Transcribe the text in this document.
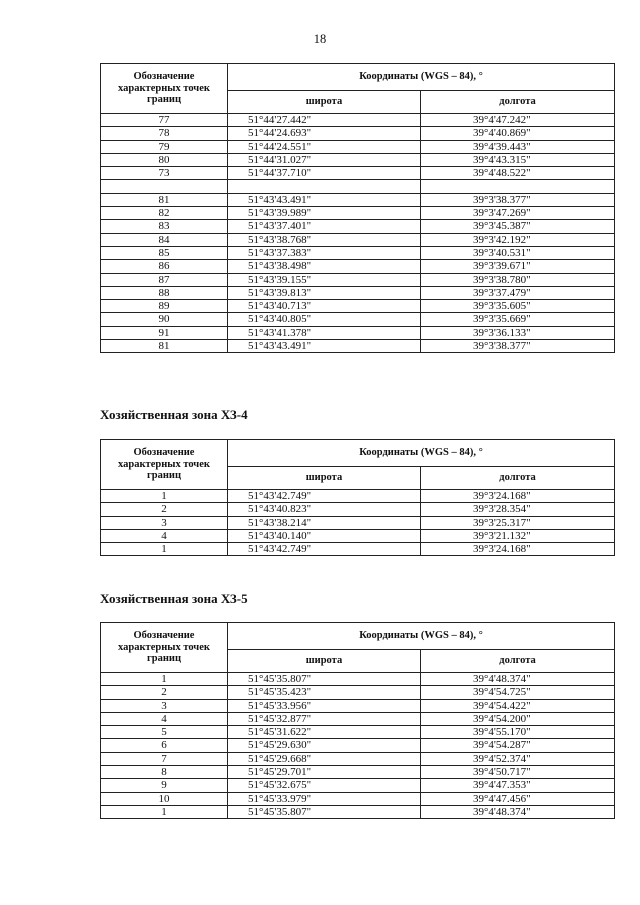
18
Обозначение характерных точек границ	Координаты (WGS – 84), °	
	широта	долгота
77	51°44'27.442"	39°4'47.242"
78	51°44'24.693"	39°4'40.869"
79	51°44'24.551"	39°4'39.443"
80	51°44'31.027"	39°4'43.315"
73	51°44'37.710"	39°4'48.522"

81	51°43'43.491"	39°3'38.377"
82	51°43'39.989"	39°3'47.269"
83	51°43'37.401"	39°3'45.387"
84	51°43'38.768"	39°3'42.192"
85	51°43'37.383"	39°3'40.531"
86	51°43'38.498"	39°3'39.671"
87	51°43'39.155"	39°3'38.780"
88	51°43'39.813"	39°3'37.479"
89	51°43'40.713"	39°3'35.605"
90	51°43'40.805"	39°3'35.669"
91	51°43'41.378"	39°3'36.133"
81	51°43'43.491"	39°3'38.377"
Хозяйственная зона ХЗ-4
Обозначение характерных точек границ	Координаты (WGS – 84), °	
	широта	долгота
1	51°43'42.749"	39°3'24.168"
2	51°43'40.823"	39°3'28.354"
3	51°43'38.214"	39°3'25.317"
4	51°43'40.140"	39°3'21.132"
1	51°43'42.749"	39°3'24.168"
Хозяйственная зона ХЗ-5
Обозначение характерных точек границ	Координаты (WGS – 84), °	
	широта	долгота
1	51°45'35.807"	39°4'48.374"
2	51°45'35.423"	39°4'54.725"
3	51°45'33.956"	39°4'54.422"
4	51°45'32.877"	39°4'54.200"
5	51°45'31.622"	39°4'55.170"
6	51°45'29.630"	39°4'54.287"
7	51°45'29.668"	39°4'52.374"
8	51°45'29.701"	39°4'50.717"
9	51°45'32.675"	39°4'47.353"
10	51°45'33.979"	39°4'47.456"
1	51°45'35.807"	39°4'48.374"
